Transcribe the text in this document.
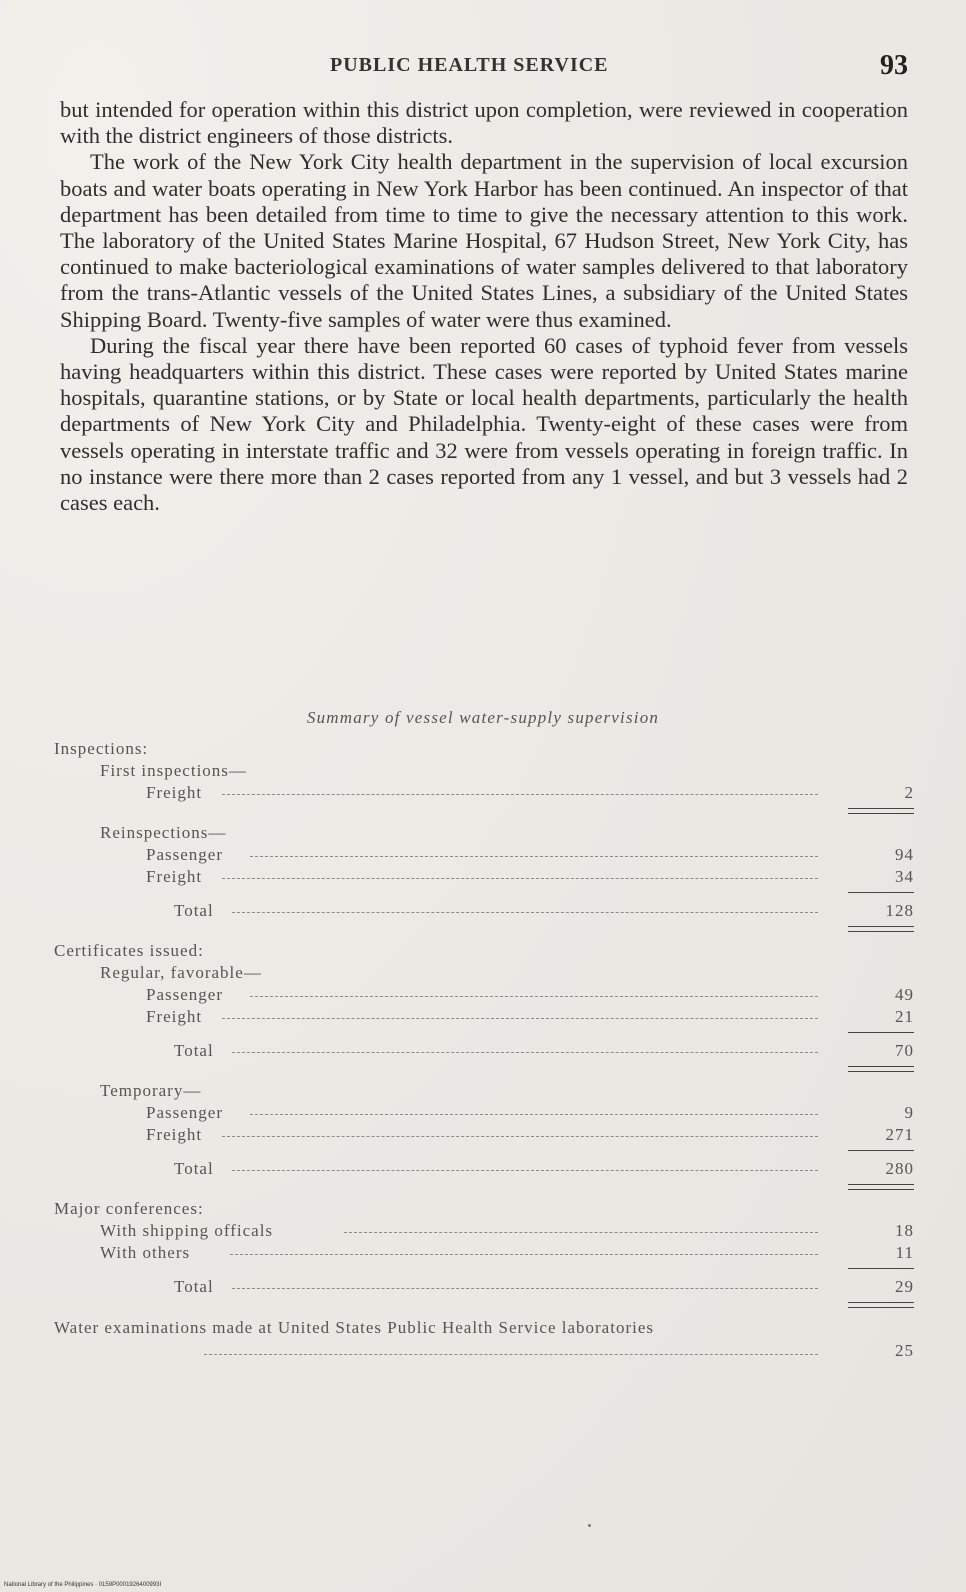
PUBLIC HEALTH SERVICE	93

but intended for operation within this district upon completion, were reviewed in cooperation with the district engineers of those districts.

The work of the New York City health department in the supervision of local excursion boats and water boats operating in New York Harbor has been continued. An inspector of that department has been detailed from time to time to give the necessary attention to this work. The laboratory of the United States Marine Hospital, 67 Hudson Street, New York City, has continued to make bacteriological examinations of water samples delivered to that laboratory from the trans-Atlantic vessels of the United States Lines, a subsidiary of the United States Shipping Board. Twenty-five samples of water were thus examined.

During the fiscal year there have been reported 60 cases of typhoid fever from vessels having headquarters within this district. These cases were reported by United States marine hospitals, quarantine stations, or by State or local health departments, particularly the health departments of New York City and Philadelphia. Twenty-eight of these cases were from vessels operating in interstate traffic and 32 were from vessels operating in foreign traffic. In no instance were there more than 2 cases reported from any 1 vessel, and but 3 vessels had 2 cases each.

Summary of vessel water-supply supervision
Inspections:
First inspections—
Freight	2
Reinspections—
Passenger	94
Freight	34
Total	128
Certificates issued:
Regular, favorable—
Passenger	49
Freight	21
Total	70
Temporary—
Passenger	9
Freight	271
Total	280
Major conferences:
With shipping officals	18
With others	11
Total	29
Water examinations made at United States Public Health Service laboratories
25
National Library of the Philippines · 0159P0001926400993I
